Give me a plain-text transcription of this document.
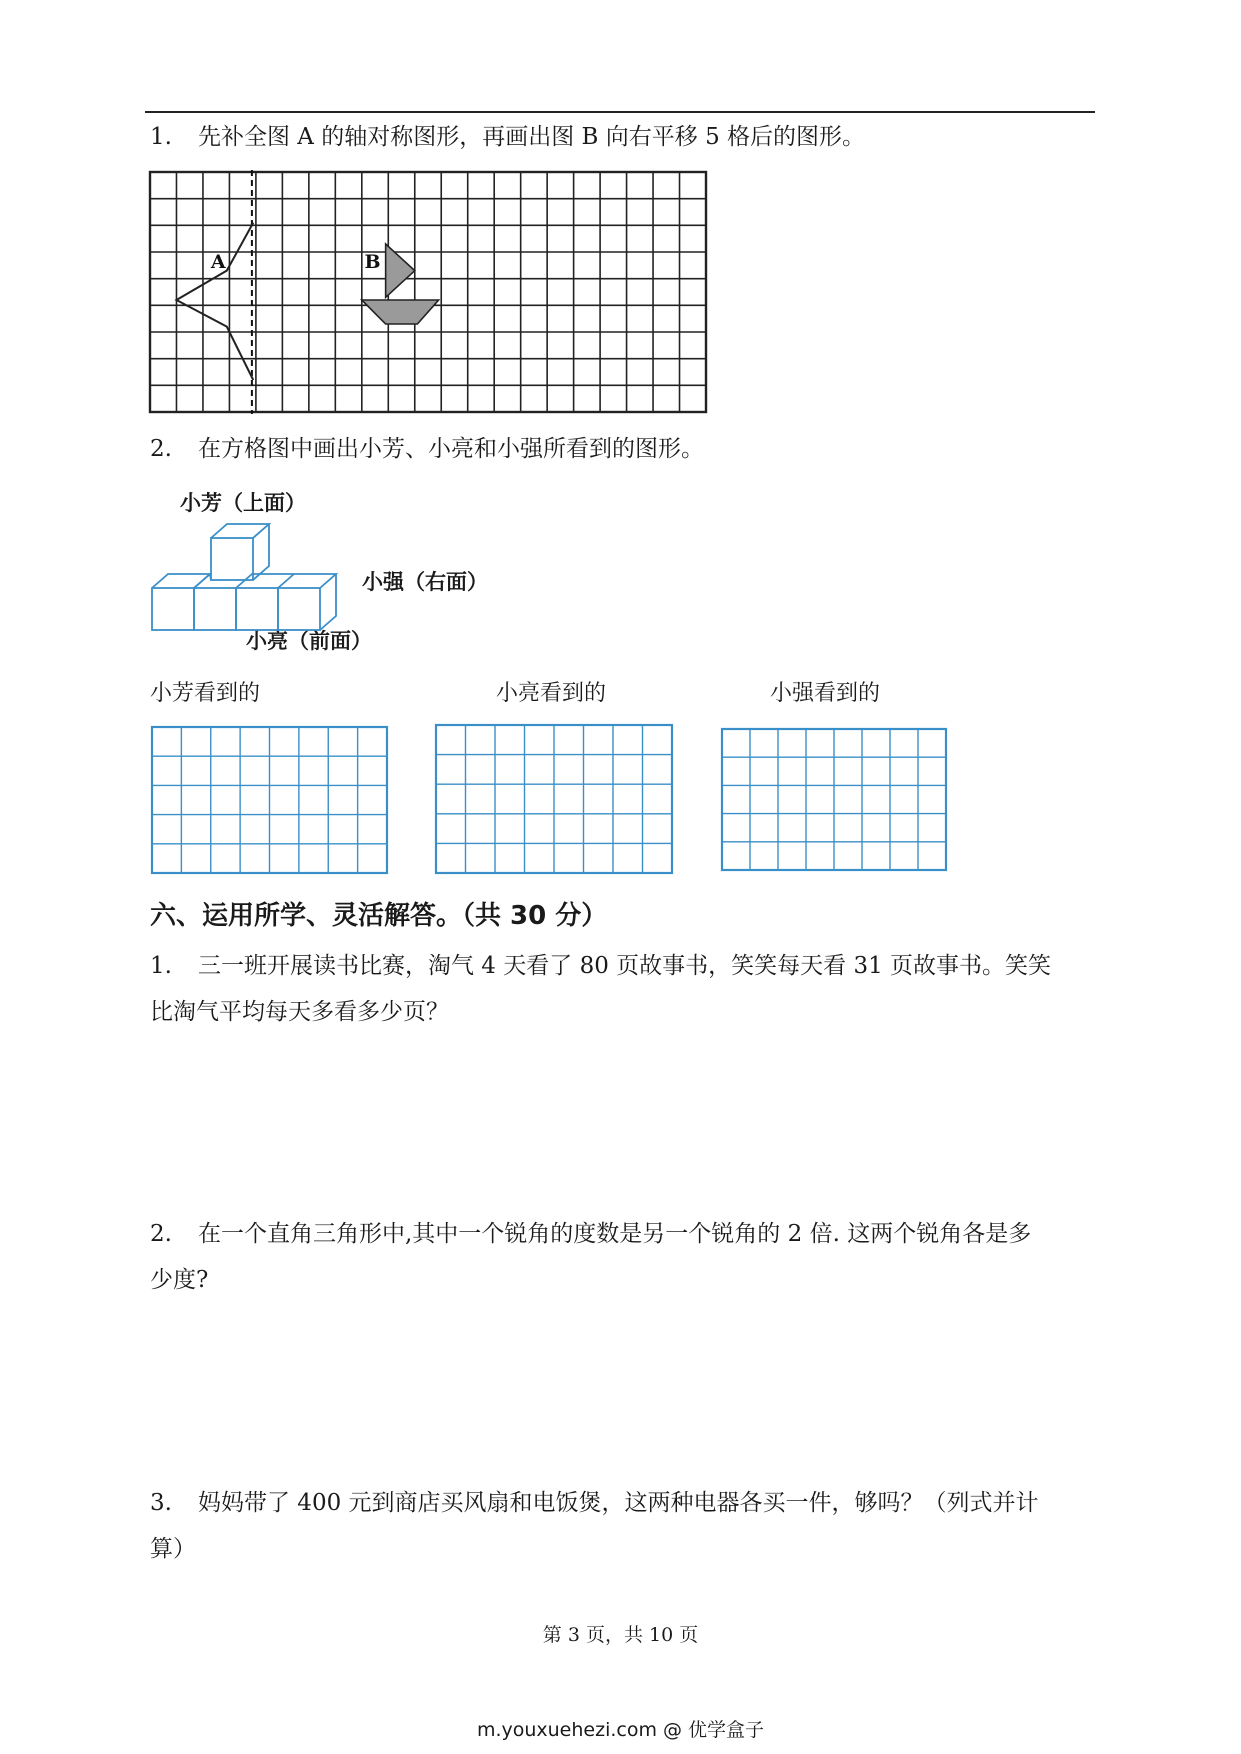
1. 先补全图 A 的轴对称图形，再画出图 B 向右平移 5 格后的图形。
A	B
2. 在方格图中画出小芳、小亮和小强所看到的图形。
小芳（上面）
小强（右面）
小亮（前面）
小芳看到的	小亮看到的	小强看到的
六、运用所学、灵活解答。（共 30 分）
1. 三一班开展读书比赛，淘气 4 天看了 80 页故事书，笑笑每天看 31 页故事书。笑笑
比淘气平均每天多看多少页？
2. 在一个直角三角形中,其中一个锐角的度数是另一个锐角的 2 倍. 这两个锐角各是多
少度?
3. 妈妈带了 400 元到商店买风扇和电饭煲，这两种电器各买一件，够吗？（列式并计
算）
第 3 页，共 10 页
m.youxuehezi.com @ 优学盒子
